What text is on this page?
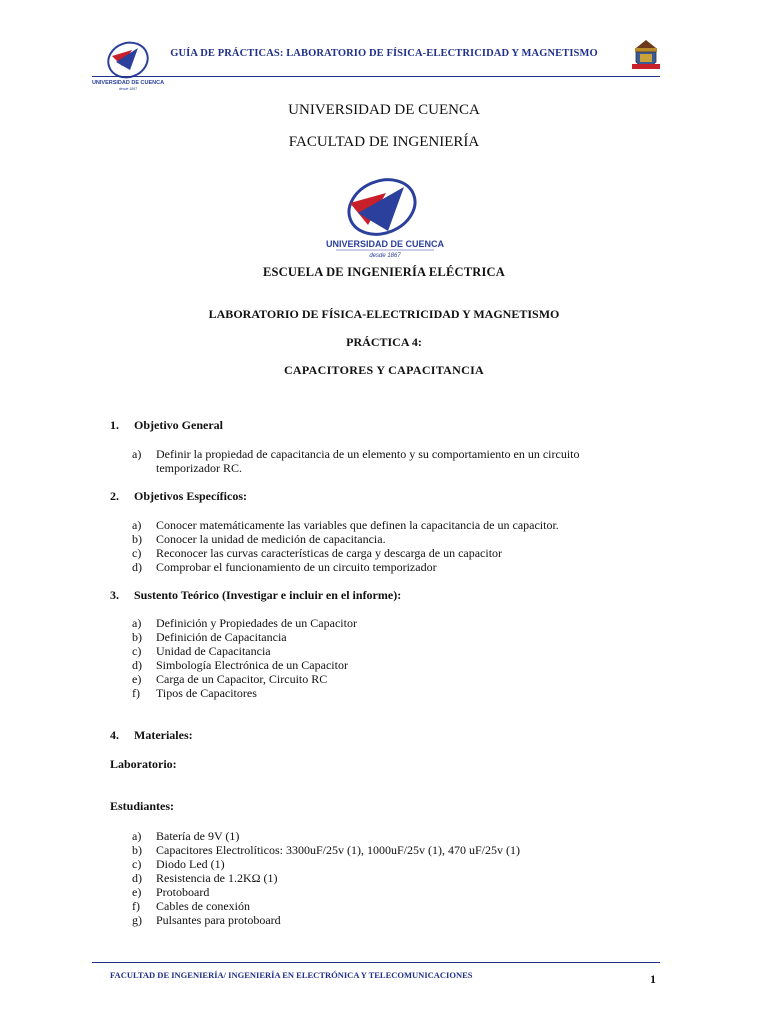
UNIVERSIDAD DE CUENCA
desde 1867
GUÍA DE PRÁCTICAS: LABORATORIO DE FÍSICA-ELECTRICIDAD Y MAGNETISMO
UNIVERSIDAD DE CUENCA
FACULTAD DE INGENIERÍA
UNIVERSIDAD DE CUENCA
desde 1867
ESCUELA DE INGENIERÍA ELÉCTRICA
LABORATORIO DE FÍSICA-ELECTRICIDAD Y MAGNETISMO
PRÁCTICA 4:
CAPACITORES Y CAPACITANCIA
1. Objetivo General
a) Definir la propiedad de capacitancia de un elemento y su comportamiento en un circuito temporizador RC.
2. Objetivos Específicos:
a) Conocer matemáticamente las variables que definen la capacitancia de un capacitor.
b) Conocer la unidad de medición de capacitancia.
c) Reconocer las curvas características de carga y descarga de un capacitor
d) Comprobar el funcionamiento de un circuito temporizador
3. Sustento Teórico (Investigar e incluir en el informe):
a) Definición y Propiedades de un Capacitor
b) Definición de Capacitancia
c) Unidad de Capacitancia
d) Simbología Electrónica de un Capacitor
e) Carga de un Capacitor, Circuito RC
f) Tipos de Capacitores
4. Materiales:
Laboratorio:
Estudiantes:
a) Batería de 9V (1)
b) Capacitores Electrolíticos: 3300uF/25v (1), 1000uF/25v (1), 470 uF/25v (1)
c) Diodo Led (1)
d) Resistencia de 1.2KΩ (1)
e) Protoboard
f) Cables de conexión
g) Pulsantes para protoboard
FACULTAD DE INGENIERÍA/ INGENIERÍA EN ELECTRÓNICA Y TELECOMUNICACIONES	1
